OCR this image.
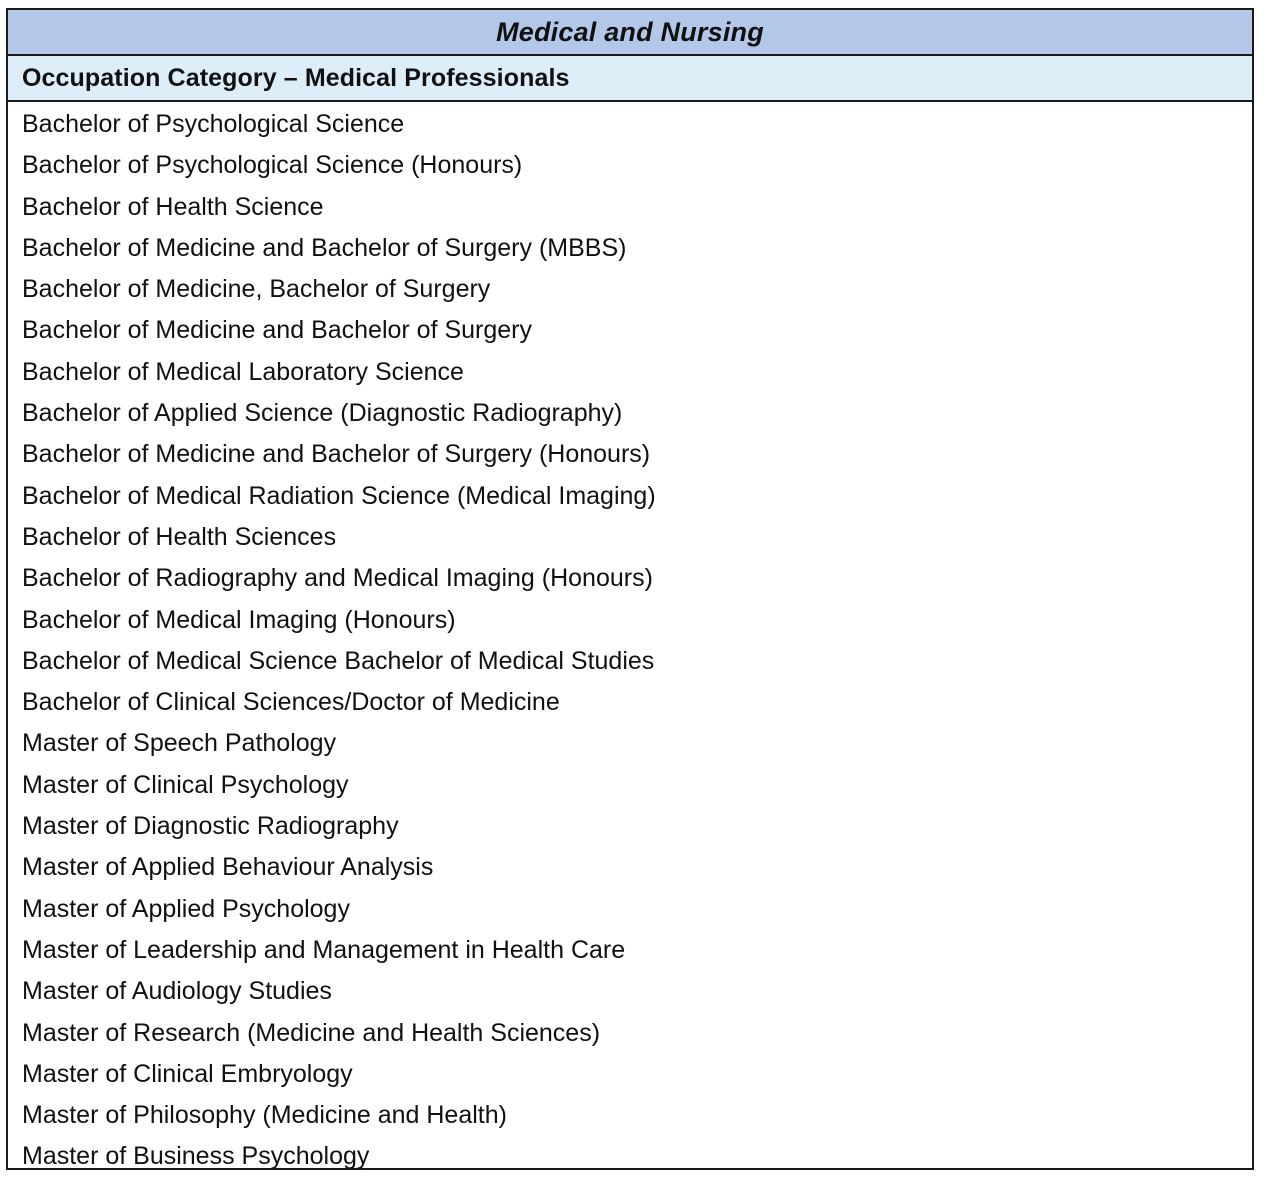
Medical and Nursing
Occupation Category – Medical Professionals
Bachelor of Psychological Science
Bachelor of Psychological Science (Honours)
Bachelor of Health Science
Bachelor of Medicine and Bachelor of Surgery (MBBS)
Bachelor of Medicine, Bachelor of Surgery
Bachelor of Medicine and Bachelor of Surgery
Bachelor of Medical Laboratory Science
Bachelor of Applied Science (Diagnostic Radiography)
Bachelor of Medicine and Bachelor of Surgery (Honours)
Bachelor of Medical Radiation Science (Medical Imaging)
Bachelor of Health Sciences
Bachelor of Radiography and Medical Imaging (Honours)
Bachelor of Medical Imaging (Honours)
Bachelor of Medical Science Bachelor of Medical Studies
Bachelor of Clinical Sciences/Doctor of Medicine
Master of Speech Pathology
Master of Clinical Psychology
Master of Diagnostic Radiography
Master of Applied Behaviour Analysis
Master of Applied Psychology
Master of Leadership and Management in Health Care
Master of Audiology Studies
Master of Research (Medicine and Health Sciences)
Master of Clinical Embryology
Master of Philosophy (Medicine and Health)
Master of Business Psychology
